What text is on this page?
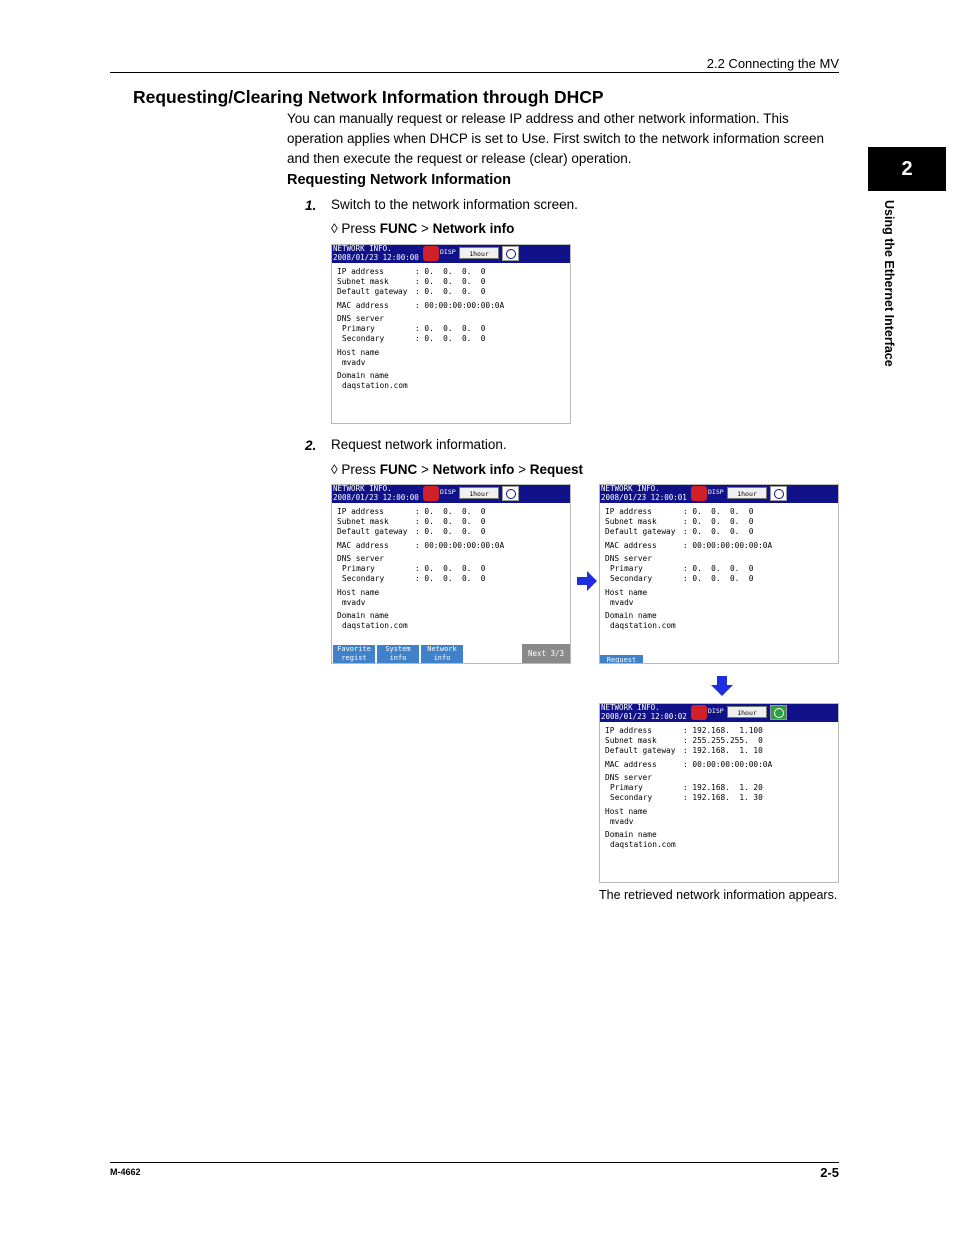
2.2 Connecting the MV
2
Using the Ethernet Interface
Requesting/Clearing Network Information through DHCP
You can manually request or release IP address and other network information. This operation applies when DHCP is set to Use. First switch to the network information screen and then execute the request or release (clear) operation.
Requesting Network Information
1. Switch to the network information screen.
◊ Press FUNC > Network info
2. Request network information.
◊ Press FUNC > Network info > Request
NETWORK INFO.
2008/01/23 12:00:00
DISP	1hour
IP address	: 0.  0.  0.  0
Subnet mask	: 0.  0.  0.  0
Default gateway : 0.  0.  0.  0
MAC address	: 00:00:00:00:00:0A
DNS server
Primary	: 0.  0.  0.  0
Secondary	: 0.  0.  0.  0
Host name
mvadv
Domain name
daqstation.com
NETWORK INFO.
2008/01/23 12:00:00
DISP	1hour
IP address	: 0.  0.  0.  0
Subnet mask	: 0.  0.  0.  0
Default gateway : 0.  0.  0.  0
MAC address	: 00:00:00:00:00:0A
DNS server
Primary	: 0.  0.  0.  0
Secondary	: 0.  0.  0.  0
Host name
mvadv
Domain name
daqstation.com
Favorite
regist
System
info
Network
info	Next 3/3
NETWORK INFO.
2008/01/23 12:00:01
DISP	1hour
IP address	: 0.  0.  0.  0
Subnet mask	: 0.  0.  0.  0
Default gateway : 0.  0.  0.  0
MAC address	: 00:00:00:00:00:0A
DNS server
Primary	: 0.  0.  0.  0
Secondary	: 0.  0.  0.  0
Host name
mvadv
Domain name
daqstation.com
Request
NETWORK INFO.
2008/01/23 12:00:02
DISP	1hour
IP address	: 192.168.  1.100
Subnet mask	: 255.255.255.  0
Default gateway : 192.168.  1. 10
MAC address	: 00:00:00:00:00:0A
DNS server
Primary	: 192.168.  1. 20
Secondary	: 192.168.  1. 30
Host name
mvadv
Domain name
daqstation.com
The retrieved network information appears.
M-4662	2-5
